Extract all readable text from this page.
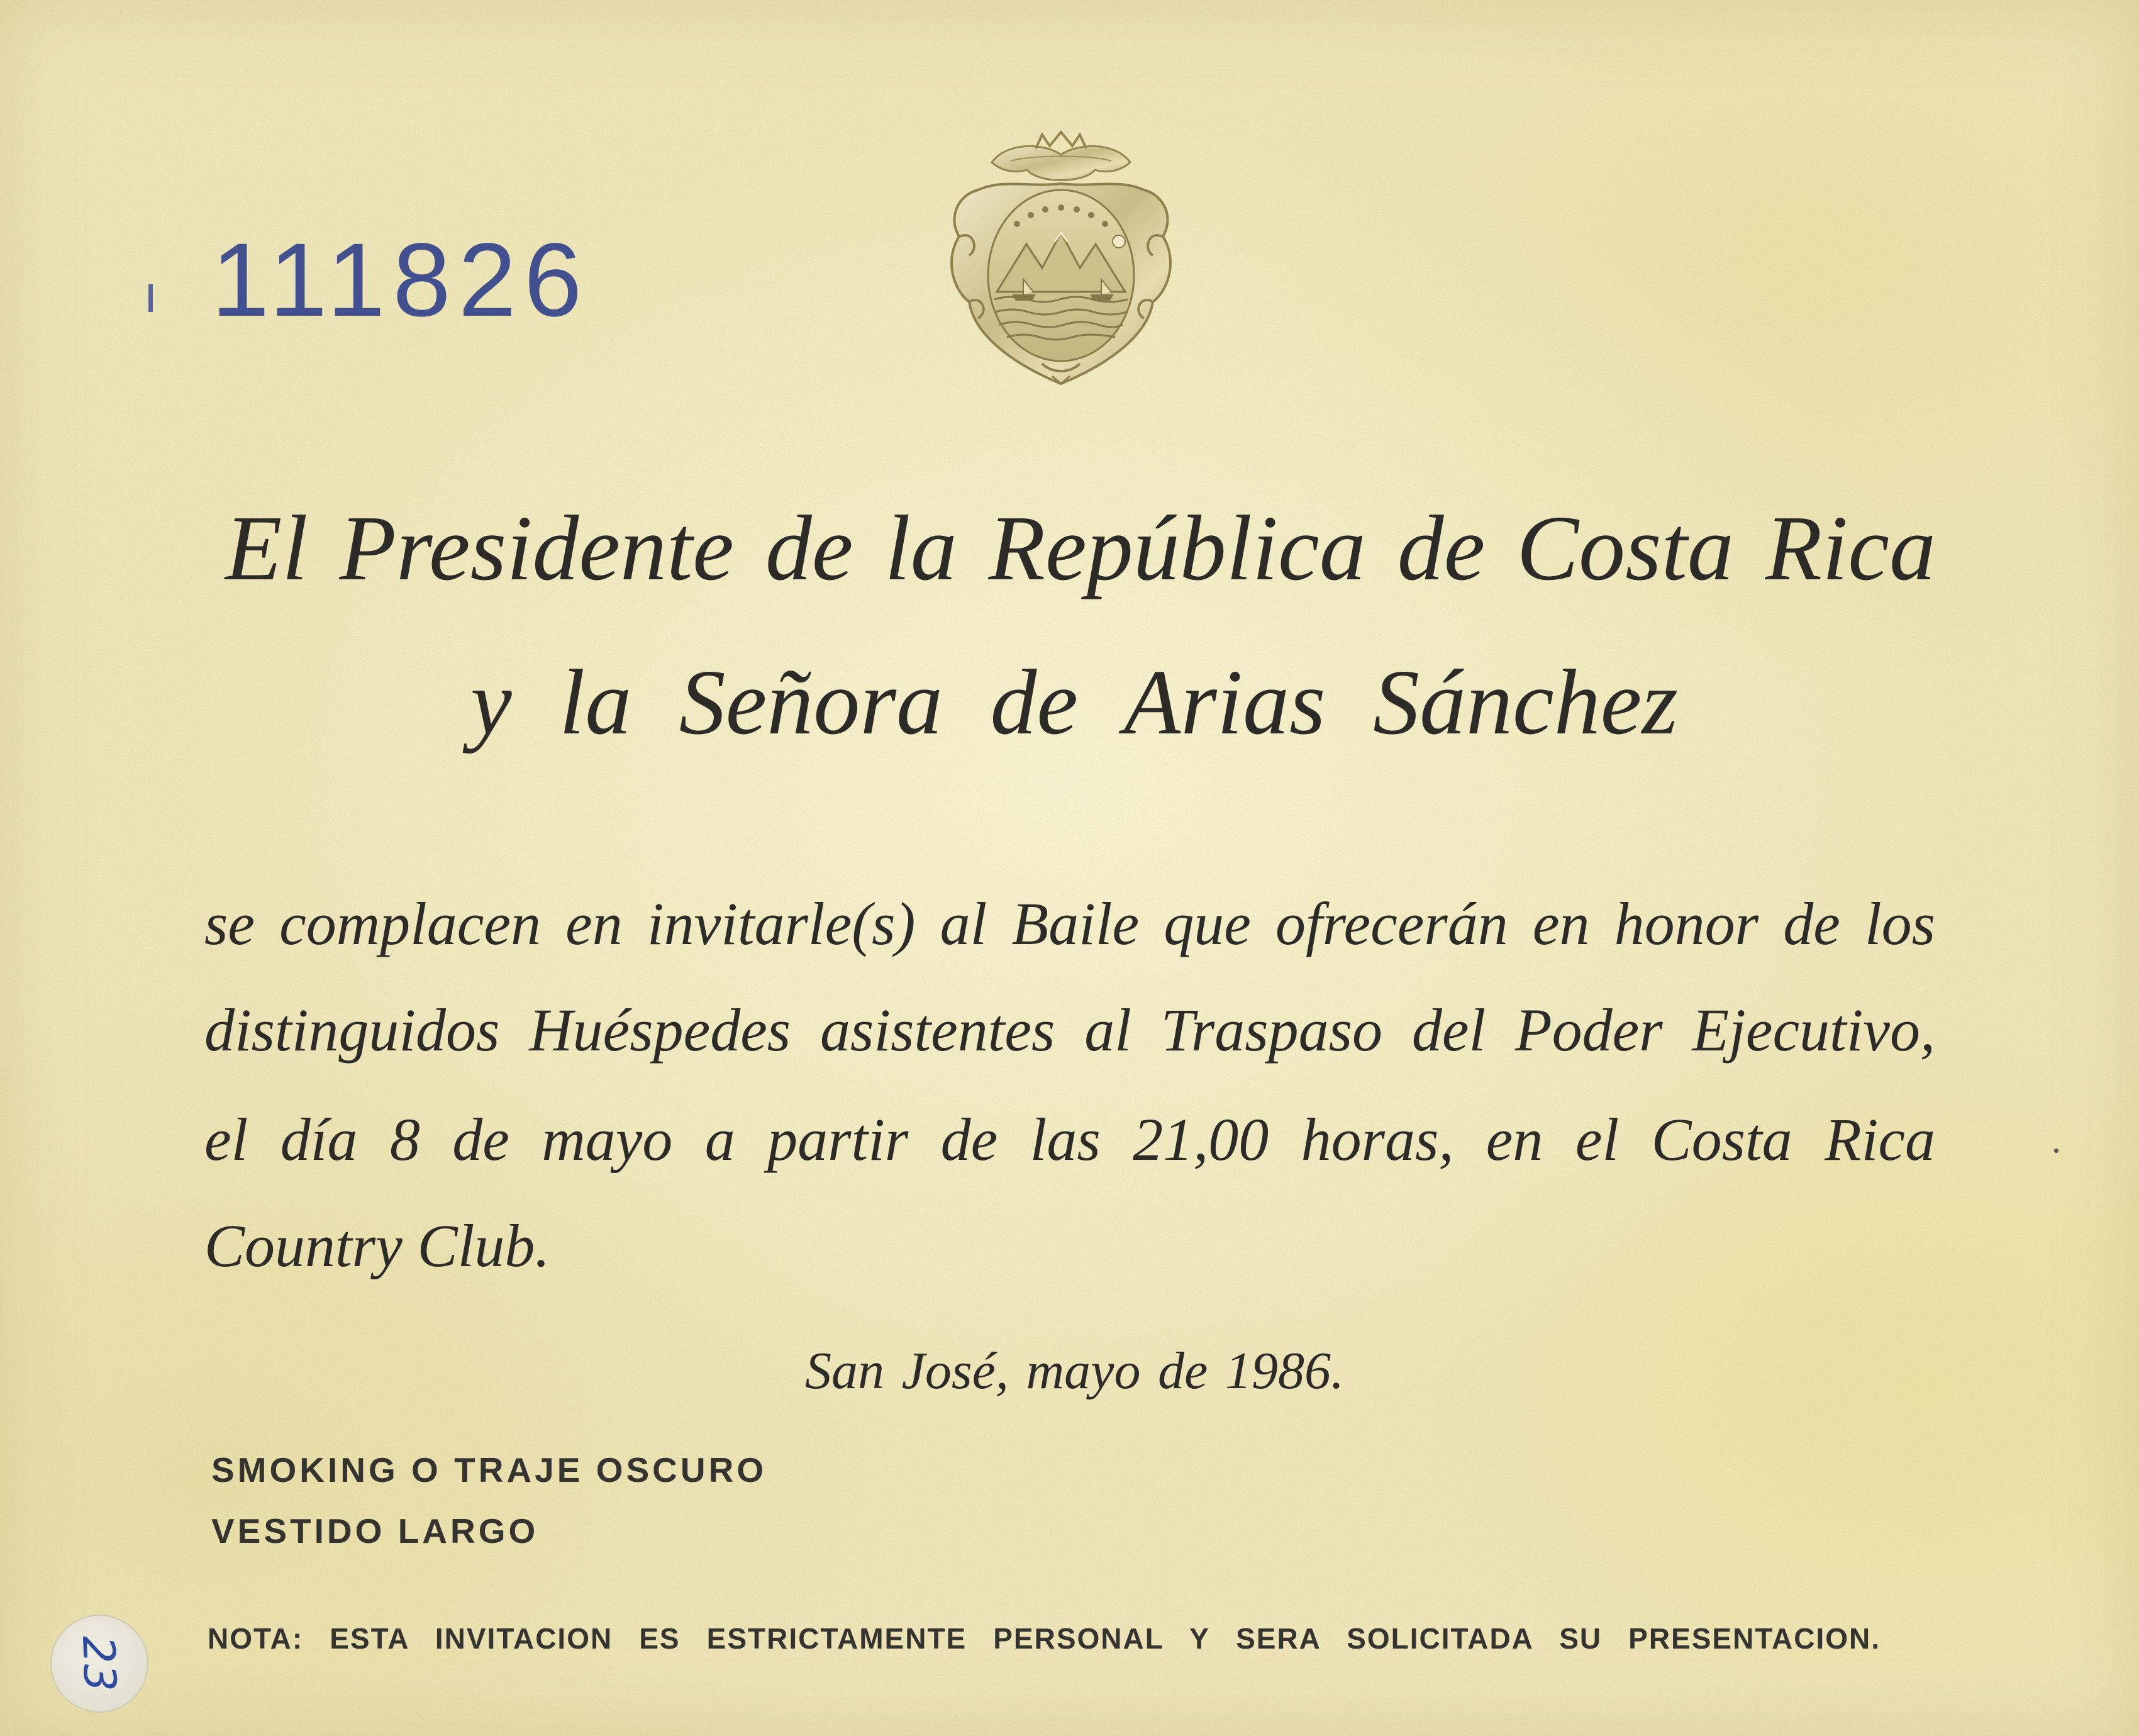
111826
El Presidente de la República de Costa Rica
y la Señora de Arias Sánchez
se complacen en invitarle(s) al Baile que ofrecerán en honor de los
distinguidos Huéspedes asistentes al Traspaso del Poder Ejecutivo,
el día 8 de mayo a partir de las 21,00 horas, en el Costa Rica
Country Club.
San José, mayo de 1986.
SMOKING O TRAJE OSCURO
VESTIDO LARGO
NOTA: ESTA INVITACION ES ESTRICTAMENTE PERSONAL Y SERA SOLICITADA SU PRESENTACION.
23
